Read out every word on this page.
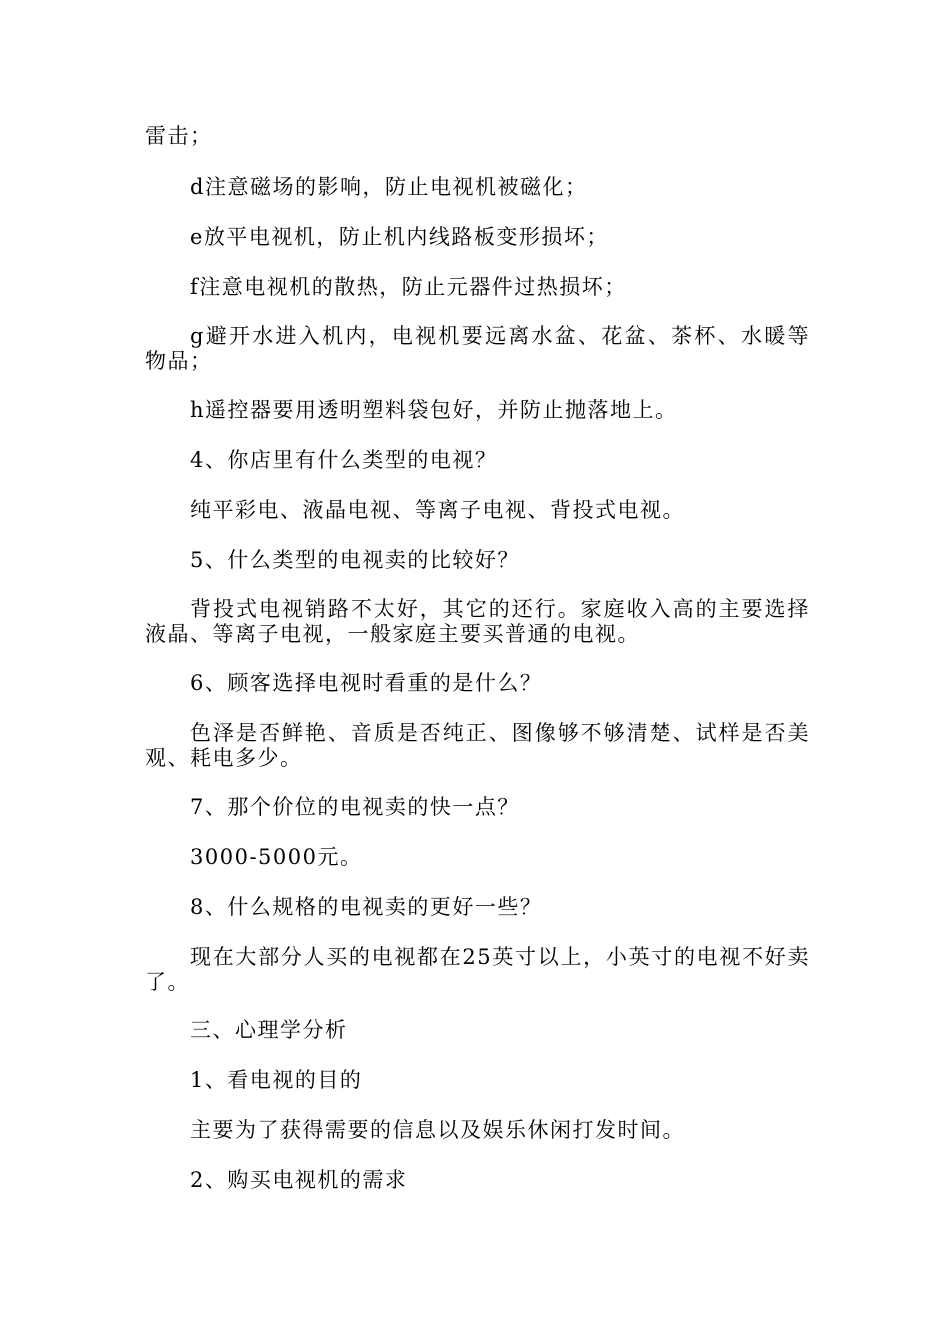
雷击；

d注意磁场的影响，防止电视机被磁化；

e放平电视机，防止机内线路板变形损坏；

f注意电视机的散热，防止元器件过热损坏；

g避开水进入机内，电视机要远离水盆、花盆、茶杯、水暖等物品；

h遥控器要用透明塑料袋包好，并防止抛落地上。

4、你店里有什么类型的电视？

纯平彩电、液晶电视、等离子电视、背投式电视。

5、什么类型的电视卖的比较好？

背投式电视销路不太好，其它的还行。家庭收入高的主要选择液晶、等离子电视，一般家庭主要买普通的电视。

6、顾客选择电视时看重的是什么？

色泽是否鲜艳、音质是否纯正、图像够不够清楚、试样是否美观、耗电多少。

7、那个价位的电视卖的快一点？

3000-5000元。

8、什么规格的电视卖的更好一些？

现在大部分人买的电视都在25英寸以上，小英寸的电视不好卖了。

三、心理学分析

1、看电视的目的

主要为了获得需要的信息以及娱乐休闲打发时间。

2、购买电视机的需求
